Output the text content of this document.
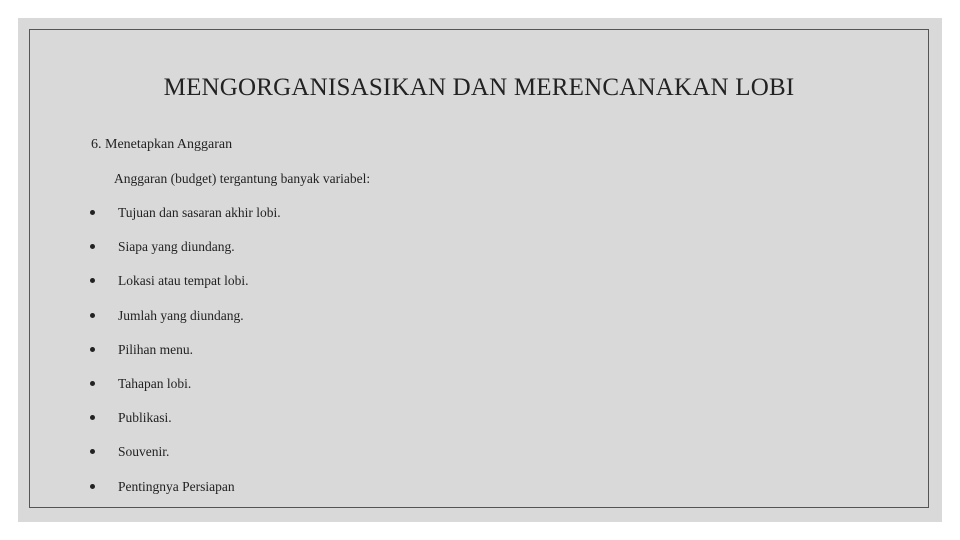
MENGORGANISASIKAN DAN MERENCANAKAN LOBI
6. Menetapkan Anggaran
Anggaran (budget) tergantung banyak variabel:
Tujuan dan sasaran akhir lobi.
Siapa yang diundang.
Lokasi atau tempat lobi.
Jumlah yang diundang.
Pilihan menu.
Tahapan lobi.
Publikasi.
Souvenir.
Pentingnya Persiapan
